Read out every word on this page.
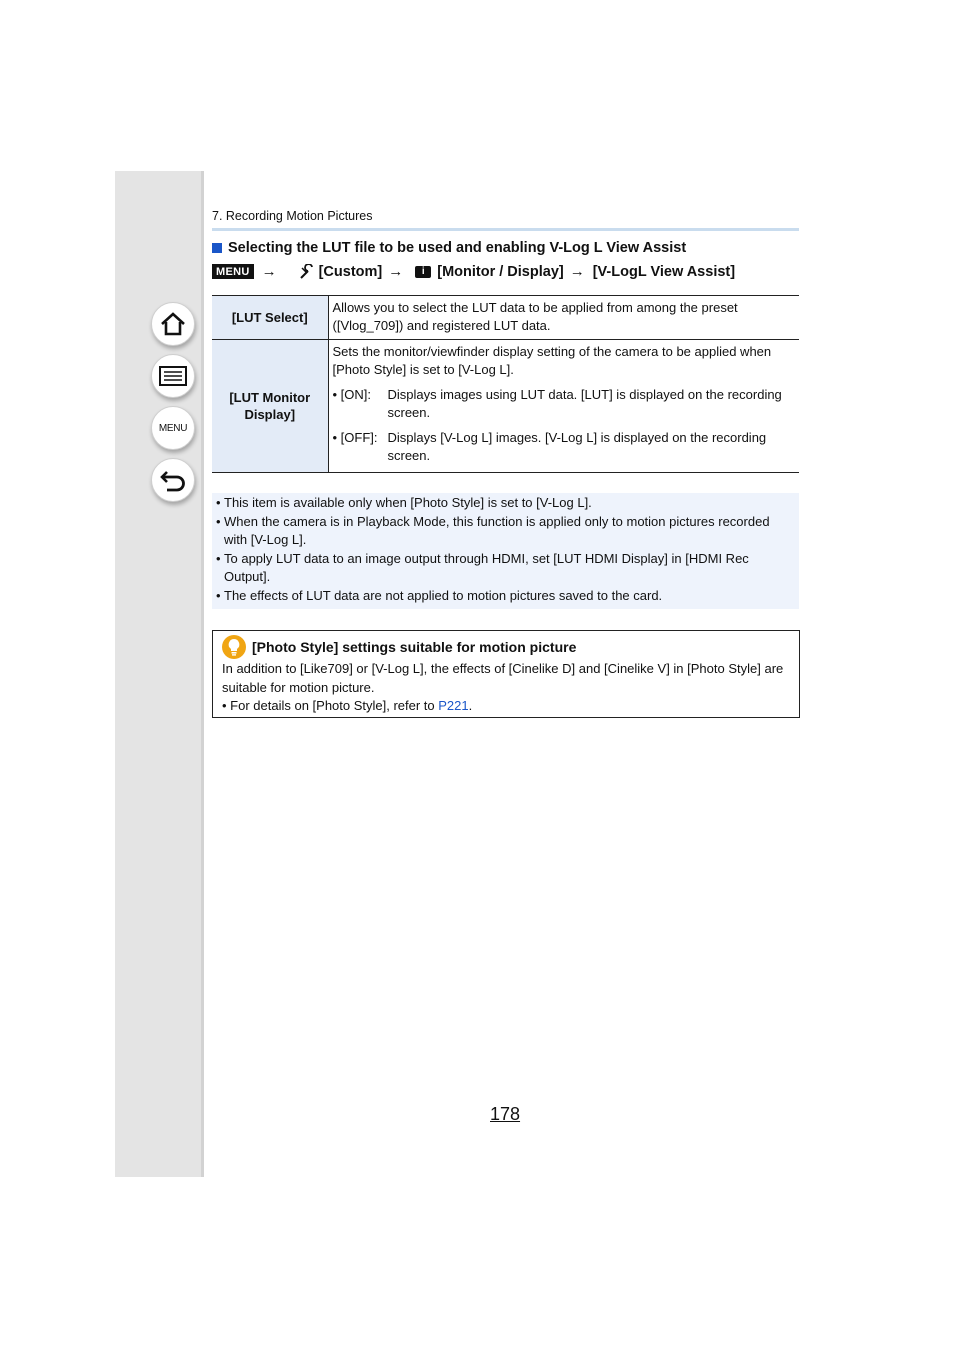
MENU
7. Recording Motion Pictures
Selecting the LUT file to be used and enabling V-Log L View Assist
MENU →	[Custom] →	i [Monitor / Display] → [V-LogL View Assist]
[LUT Select]	Allows you to select the LUT data to be applied from among the preset ([Vlog_709]) and registered LUT data.
[LUT Monitor Display]	Sets the monitor/viewfinder display setting of the camera to be applied when [Photo Style] is set to [V-Log L].
• [ON]: Displays images using LUT data. [LUT] is displayed on the recording screen.
• [OFF]: Displays [V-Log L] images. [V-Log L] is displayed on the recording screen.
• This item is available only when [Photo Style] is set to [V-Log L].
• When the camera is in Playback Mode, this function is applied only to motion pictures recorded with [V-Log L].
• To apply LUT data to an image output through HDMI, set [LUT HDMI Display] in [HDMI Rec Output].
• The effects of LUT data are not applied to motion pictures saved to the card.
[Photo Style] settings suitable for motion picture
In addition to [Like709] or [V-Log L], the effects of [Cinelike D] and [Cinelike V] in [Photo Style] are suitable for motion picture.
• For details on [Photo Style], refer to P221.
178
